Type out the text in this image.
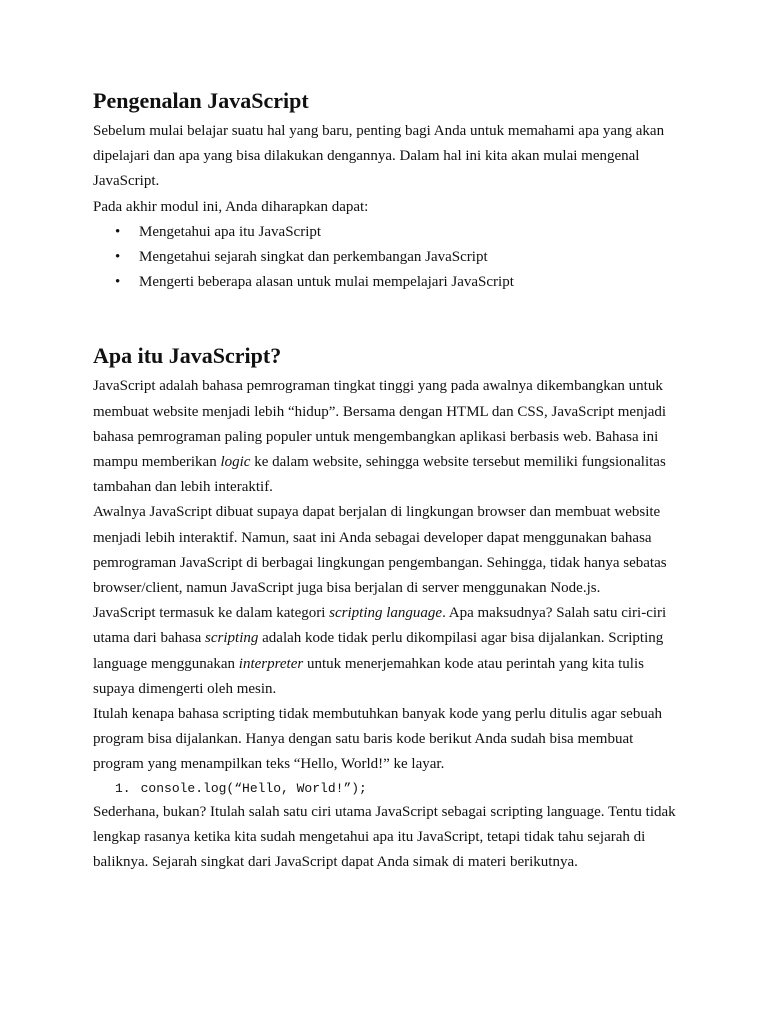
Pengenalan JavaScript

Sebelum mulai belajar suatu hal yang baru, penting bagi Anda untuk memahami apa yang akan dipelajari dan apa yang bisa dilakukan dengannya. Dalam hal ini kita akan mulai mengenal JavaScript.

Pada akhir modul ini, Anda diharapkan dapat:

• Mengetahui apa itu JavaScript
• Mengetahui sejarah singkat dan perkembangan JavaScript
• Mengerti beberapa alasan untuk mulai mempelajari JavaScript
Apa itu JavaScript?

JavaScript adalah bahasa pemrograman tingkat tinggi yang pada awalnya dikembangkan untuk membuat website menjadi lebih “hidup”. Bersama dengan HTML dan CSS, JavaScript menjadi bahasa pemrograman paling populer untuk mengembangkan aplikasi berbasis web. Bahasa ini mampu memberikan logic ke dalam website, sehingga website tersebut memiliki fungsionalitas tambahan dan lebih interaktif.

Awalnya JavaScript dibuat supaya dapat berjalan di lingkungan browser dan membuat website menjadi lebih interaktif. Namun, saat ini Anda sebagai developer dapat menggunakan bahasa pemrograman JavaScript di berbagai lingkungan pengembangan. Sehingga, tidak hanya sebatas browser/client, namun JavaScript juga bisa berjalan di server menggunakan Node.js.

JavaScript termasuk ke dalam kategori scripting language. Apa maksudnya? Salah satu ciri-ciri utama dari bahasa scripting adalah kode tidak perlu dikompilasi agar bisa dijalankan. Scripting language menggunakan interpreter untuk menerjemahkan kode atau perintah yang kita tulis supaya dimengerti oleh mesin.

Itulah kenapa bahasa scripting tidak membutuhkan banyak kode yang perlu ditulis agar sebuah program bisa dijalankan. Hanya dengan satu baris kode berikut Anda sudah bisa membuat program yang menampilkan teks “Hello, World!” ke layar.

1. console.log(“Hello, World!”);

Sederhana, bukan? Itulah salah satu ciri utama JavaScript sebagai scripting language. Tentu tidak lengkap rasanya ketika kita sudah mengetahui apa itu JavaScript, tetapi tidak tahu sejarah di baliknya. Sejarah singkat dari JavaScript dapat Anda simak di materi berikutnya.
